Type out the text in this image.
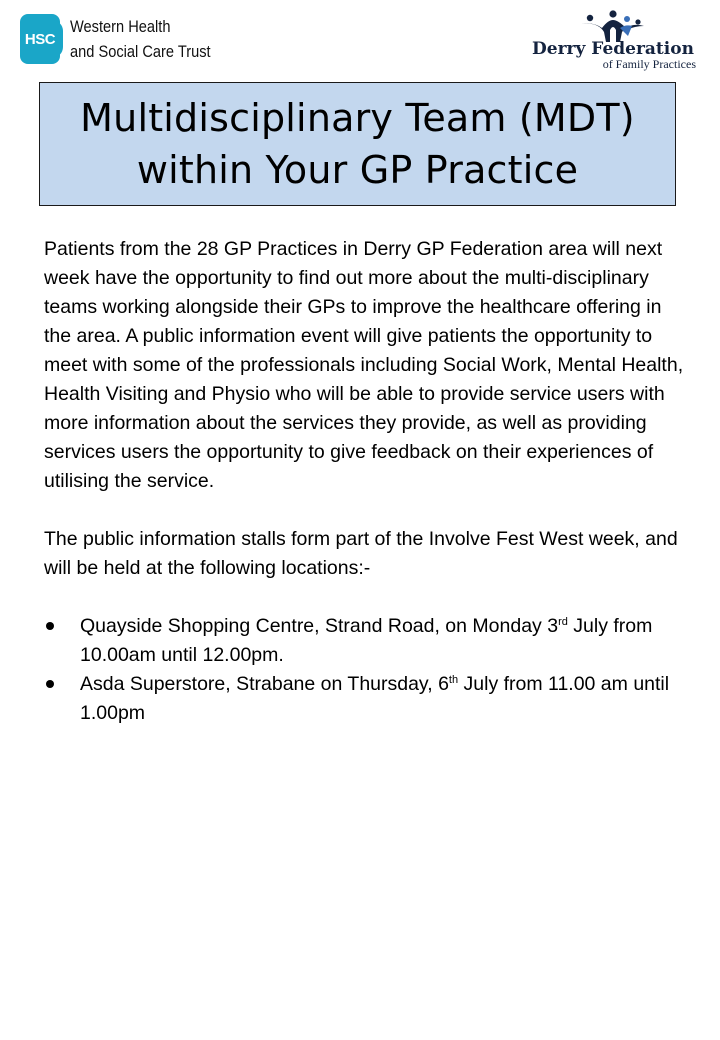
HSC
Western Health
and Social Care Trust	Derry Federation
of Family Practices
Multidisciplinary Team (MDT)
within Your GP Practice

Patients from the 28 GP Practices in Derry GP Federation area will next week have the opportunity to find out more about the multi-disciplinary teams working alongside their GPs to improve the healthcare offering in the area. A public information event will give patients the opportunity to meet with some of the professionals including Social Work, Mental Health, Health Visiting and Physio who will be able to provide service users with more information about the services they provide, as well as providing services users the opportunity to give feedback on their experiences of utilising the service.

The public information stalls form part of the Involve Fest West week, and will be held at the following locations:-

Quayside Shopping Centre, Strand Road, on Monday 3rd July from 10.00am until 12.00pm.
Asda Superstore, Strabane on Thursday, 6th July from 11.00 am until 1.00pm
